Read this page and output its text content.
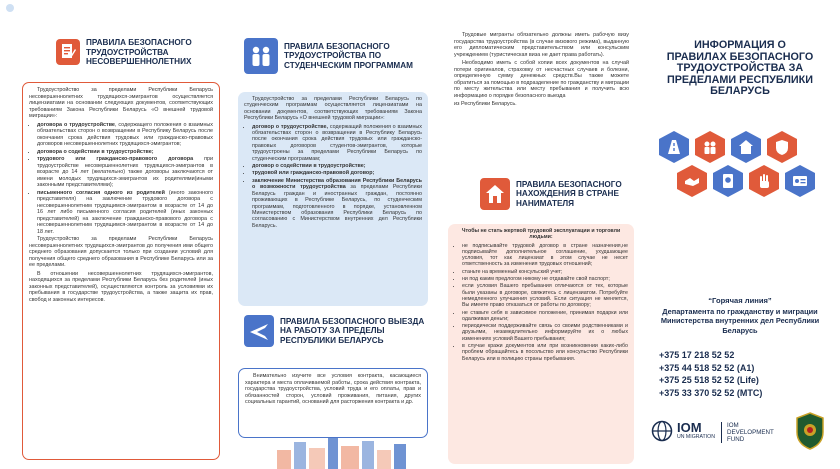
ПРАВИЛА БЕЗОПАСНОГО ТРУДОУСТРОЙСТВА НЕСОВЕРШЕННОЛЕТНИХ

Трудоустройство за пределами Республики Беларусь несовершеннолетних трудящихся-эмигрантов осуществляется лицензиатами на основании следующих документов, соответствующих требованиям Закона Республики Беларусь «О внешней трудовой миграции»:

• договора о трудоустройстве, содержащего положения о взаимных обязательствах сторон о возвращении в Республику Беларусь после окончания срока действия трудовых или гражданско-правовых договоров несовершеннолетних трудящихся-эмигрантов;
• договора о содействии в трудоустройстве;
• трудового или гражданско-правового договора при трудоустройстве несовершеннолетних трудящихся-эмигрантов в возрасте до 14 лет (желательно) также договоры заключаются от имени молодых трудящихся-эмигрантов их родителями(иными законными представителями);
• письменного согласия одного из родителей (иного законного представителя) на заключение трудового договора с несовершеннолетним трудящимся-эмигрантом в возрасте от 14 до 16 лет либо письменного согласия родителей (иных законных представителей) на заключение гражданско-правового договора с несовершеннолетним трудящимся-эмигрантом в возрасте от 14 до 18 лет.

Трудоустройство за пределами Республики Беларусь несовершеннолетних трудящихся-эмигрантов до получения ими общего среднего образования допускается только при создании условий для получения общего среднего образования в Республике Беларусь или за ее пределами.

В отношении несовершеннолетних трудящихся-эмигрантов, находящихся за пределами Республики Беларусь без родителей (иных законных представителей), осуществляются контроль за условиями их пребывания в государстве трудоустройства, а также защита их прав, свобод и законных интересов.

ПРАВИЛА БЕЗОПАСНОГО ТРУДОУСТРОЙСТВА ПО СТУДЕНЧЕСКИМ ПРОГРАММАМ

Трудоустройство за пределами Республики Беларусь по студенческим программам осуществляется лицензиатами на основании документов, соответствующих требованиям Закона Республики Беларусь «О внешней трудовой миграции»:

• договор о трудоустройстве, содержащий положения о взаимных обязательствах сторон о возвращении в Республику Беларусь после окончания срока действия трудовых или гражданско-правовых договоров студентов-эмигрантов, которые трудоустроены за пределами Республики Беларусь по студенческим программам;
• договор о содействии в трудоустройстве;
• трудовой или гражданско-правовой договор;
• заключение Министерства образования Республики Беларусь о возможности трудоустройства за пределами Республики Беларусь граждан и иностранных граждан, постоянно проживающих в Республике Беларусь, по студенческим программам, подготовленного в порядке, установленном Министерством образования Республики Беларусь по согласованию с Министерством внутренних дел Республики Беларусь.
ПРАВИЛА БЕЗОПАСНОГО ВЫЕЗДА НА РАБОТУ ЗА ПРЕДЕЛЫ РЕСПУБЛИКИ БЕЛАРУСЬ

Внимательно изучите все условия контракта, касающиеся характера и места оплачиваемой работы, срока действия контракта, государства трудоустройства, условий труда и его оплаты, прав и обязанностей сторон, условий проживания, питания, других социальных гарантий, оснований для расторжения контракта и др.

Трудовые мигранты обязательно должны иметь рабочую визу государства трудоустройства (в случае визового режима), выданную его дипломатическим представительством или консульским учреждением (туристическая виза не дает права работать).

Необходимо иметь с собой копии всех документов на случай потери оригиналов, страховку от несчастных случаев и болезни, определенную сумму денежных средств.Вы также можете обратиться за помощью в подразделение по гражданству и миграции по месту жительства или месту пребывания и получить всю информацию о порядке безопасного выезда

из Республики Беларусь.

ПРАВИЛА БЕЗОПАСНОГО НАХОЖДЕНИЯ В СТРАНЕ НАНИМАТЕЛЯ
Чтобы не стать жертвой трудовой эксплуатации и торговли людьми:
• не подписывайте трудовой договор в стране назначения,не подписывайте дополнительное соглашение, ухудшающее условия, тот как лицензиат в этом случае не несет ответственность за изменения трудовых отношений;
• станьте на временный консульский учет;
• ни под каким предлогом никому не отдавайте свой паспорт;
• если условия Вашего пребывания отличаются от тех, которые были указаны в договоре, свяжитесь с лицензиатом. Потребуйте немедленного улучшения условий. Если ситуация не меняется, Вы имеете право отказаться от работы по договору;
• не ставьте себя в зависимое положение, принимая подарки или одалживая деньги;
• периодически поддерживайте связь со своими родственниками и друзьями, незамедлительно информируйте их о любых изменениях условий Вашего пребывания;
• в случае кражи документов или при возникновении каких-либо проблем обращайтесь в посольство или консульство Республики Беларусь или в полицию страны пребывания.
ИНФОРМАЦИЯ О ПРАВИЛАХ БЕЗОПАСНОГО ТРУДОУСТРОЙСТВА ЗА ПРЕДЕЛАМИ РЕСПУБЛИКИ БЕЛАРУСЬ
“Горячая линия”
Департамента по гражданству и миграции Министерства внутренних дел Республики Беларусь
+375 17 218 52 52
+375 44 518 52 52 (A1)
+375 25 518 52 52 (Life)
+375 33 370 52 52 (МТС)
IOM
UN MIGRATION
IOM
DEVELOPMENT
FUND
